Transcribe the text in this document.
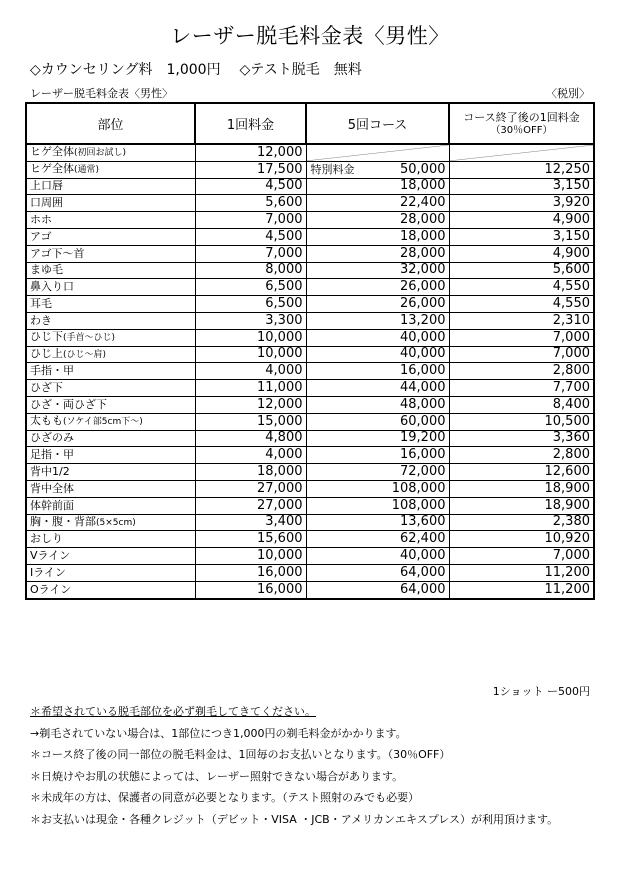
レーザー脱毛料金表〈男性〉
◇カウンセリング料　1,000円 ◇テスト脱毛　無料
レーザー脱毛料金表〈男性〉	〈税別〉
部位	1回料金	5回コース	コース終了後の1回料金
（30％OFF）

ヒゲ全体(初回お試し)	12,000	

ヒゲ全体(通常)	17,500	特別料金 50,000	12,250
上口唇	4,500	18,000	3,150
口周囲	5,600	22,400	3,920
ホホ	7,000	28,000	4,900
アゴ	4,500	18,000	3,150
アゴ下～首	7,000	28,000	4,900
まゆ毛	8,000	32,000	5,600
鼻入り口	6,500	26,000	4,550
耳毛	6,500	26,000	4,550
わき	3,300	13,200	2,310
ひじ下(手首～ひじ)	10,000	40,000	7,000
ひじ上(ひじ～肩)	10,000	40,000	7,000
手指・甲	4,000	16,000	2,800
ひざ下	11,000	44,000	7,700
ひざ・両ひざ下	12,000	48,000	8,400
太もも(ソケイ部5cm下～)	15,000	60,000	10,500
ひざのみ	4,800	19,200	3,360
足指・甲	4,000	16,000	2,800
背中1/2	18,000	72,000	12,600
背中全体	27,000	108,000	18,900
体幹前面	27,000	108,000	18,900
胸・腹・背部(5×5cm)	3,400	13,600	2,380
おしり	15,600	62,400	10,920
Vライン	10,000	40,000	7,000
Iライン	16,000	64,000	11,200
Oライン	16,000	64,000	11,200
1ショット ー500円
＊希望されている脱毛部位を必ず剃毛してきてください。
→剃毛されていない場合は、1部位につき1,000円の剃毛料金がかかります。
＊コース終了後の同一部位の脱毛料金は、1回毎のお支払いとなります。（30％OFF）
＊日焼けやお肌の状態によっては、レーザー照射できない場合があります。
＊未成年の方は、保護者の同意が必要となります。（テスト照射のみでも必要）
＊お支払いは現金・各種クレジット（デビット・VISA ・JCB・アメリカンエキスプレス）が利用頂けます。
